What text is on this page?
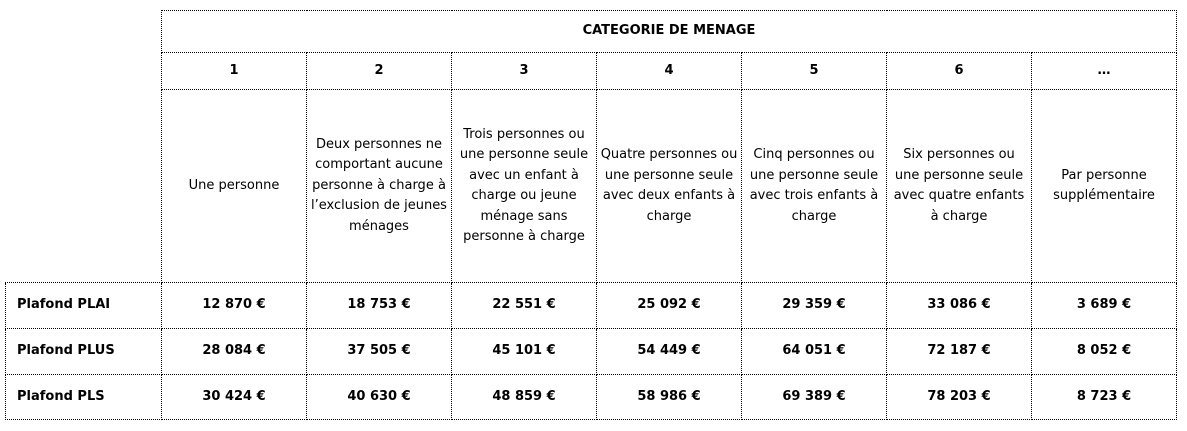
	CATEGORIE DE MENAGE						
	1	2	3	4	5	6	…
	Une personne	Deux personnes ne comportant aucune personne à charge à l’exclusion de jeunes ménages	Trois personnes ou une personne seule avec un enfant à charge ou jeune ménage sans personne à charge	Quatre personnes ou une personne seule avec deux enfants à charge	Cinq personnes ou une personne seule avec trois enfants à charge	Six personnes ou une personne seule avec quatre enfants à charge	Par personne supplémentaire
Plafond PLAI	12 870 €	18 753 €	22 551 €	25 092 €	29 359 €	33 086 €	3 689 €
Plafond PLUS	28 084 €	37 505 €	45 101 €	54 449 €	64 051 €	72 187 €	8 052 €
Plafond PLS	30 424 €	40 630 €	48 859 €	58 986 €	69 389 €	78 203 €	8 723 €
